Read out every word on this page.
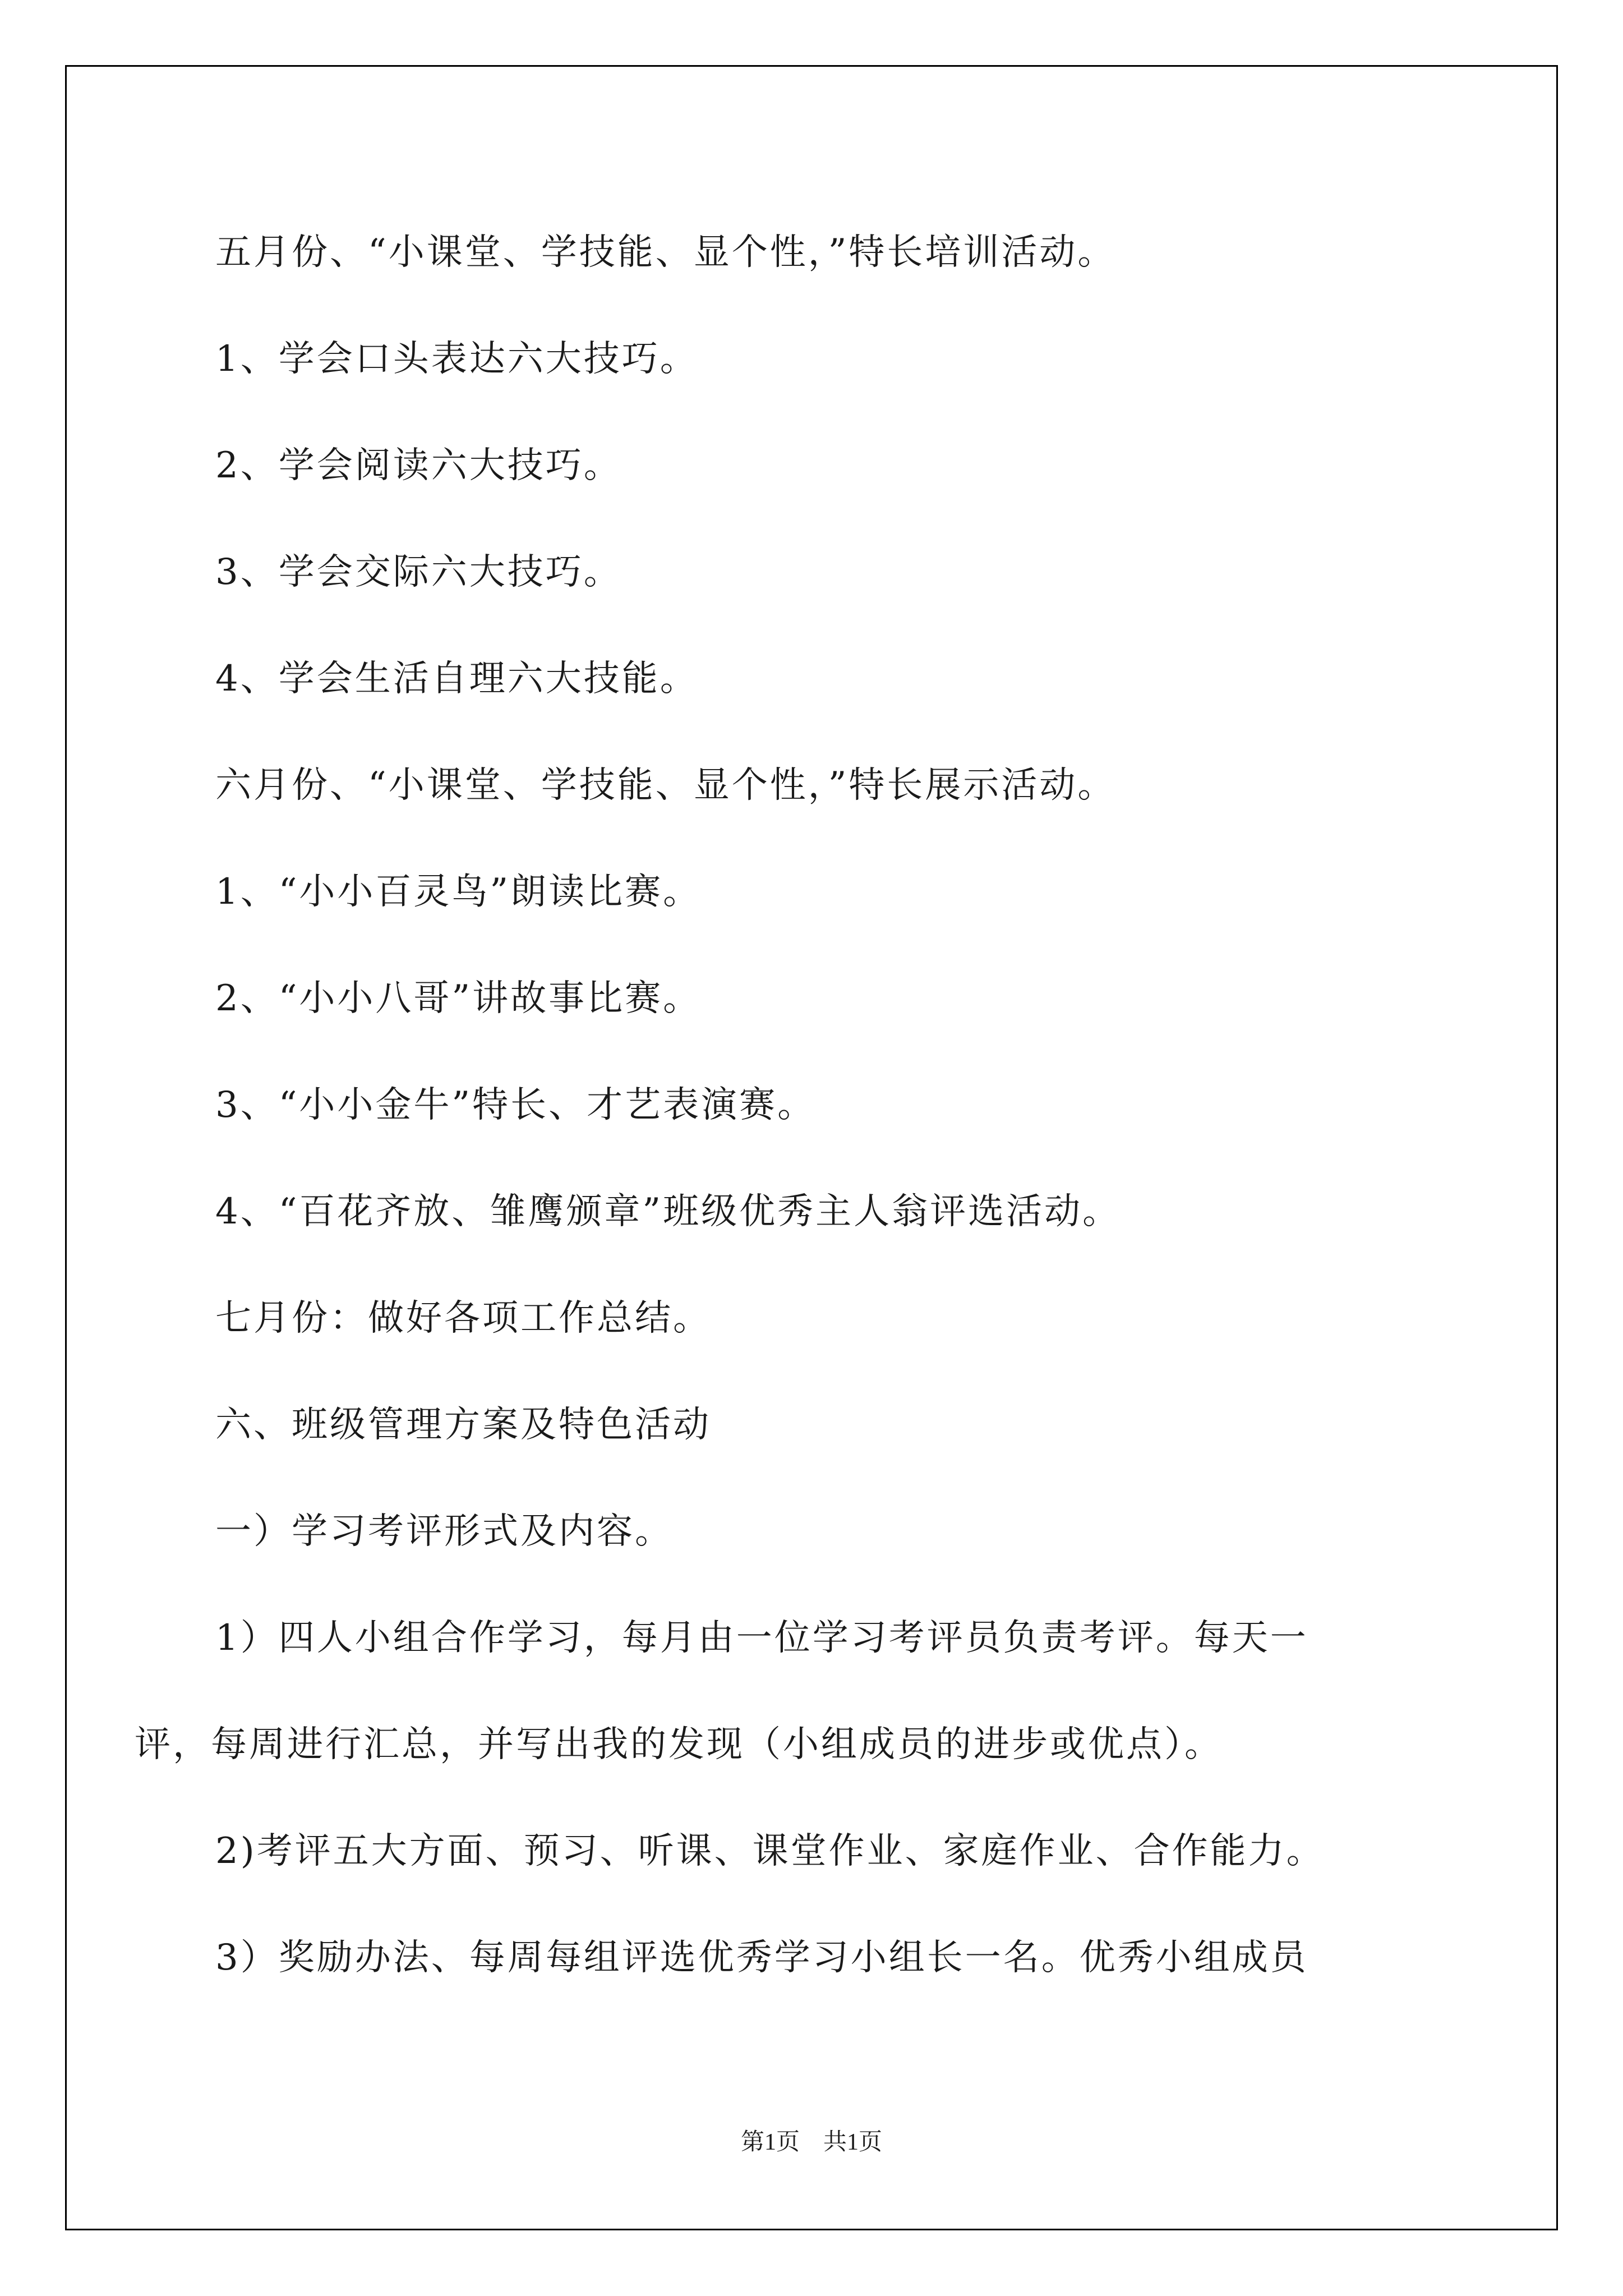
五月份、“小课堂、学技能、显个性，”特长培训活动。
1、学会口头表达六大技巧。
2、学会阅读六大技巧。
3、学会交际六大技巧。
4、学会生活自理六大技能。
六月份、“小课堂、学技能、显个性，”特长展示活动。
1、“小小百灵鸟”朗读比赛。
2、“小小八哥”讲故事比赛。
3、“小小金牛”特长、才艺表演赛。
4、“百花齐放、雏鹰颁章”班级优秀主人翁评选活动。
七月份：做好各项工作总结。
六、班级管理方案及特色活动
一）学习考评形式及内容。
1）四人小组合作学习，每月由一位学习考评员负责考评。每天一
评，每周进行汇总，并写出我的发现（小组成员的进步或优点）。
2)考评五大方面、预习、听课、课堂作业、家庭作业、合作能力。
3）奖励办法、每周每组评选优秀学习小组长一名。优秀小组成员
第1页　共1页
